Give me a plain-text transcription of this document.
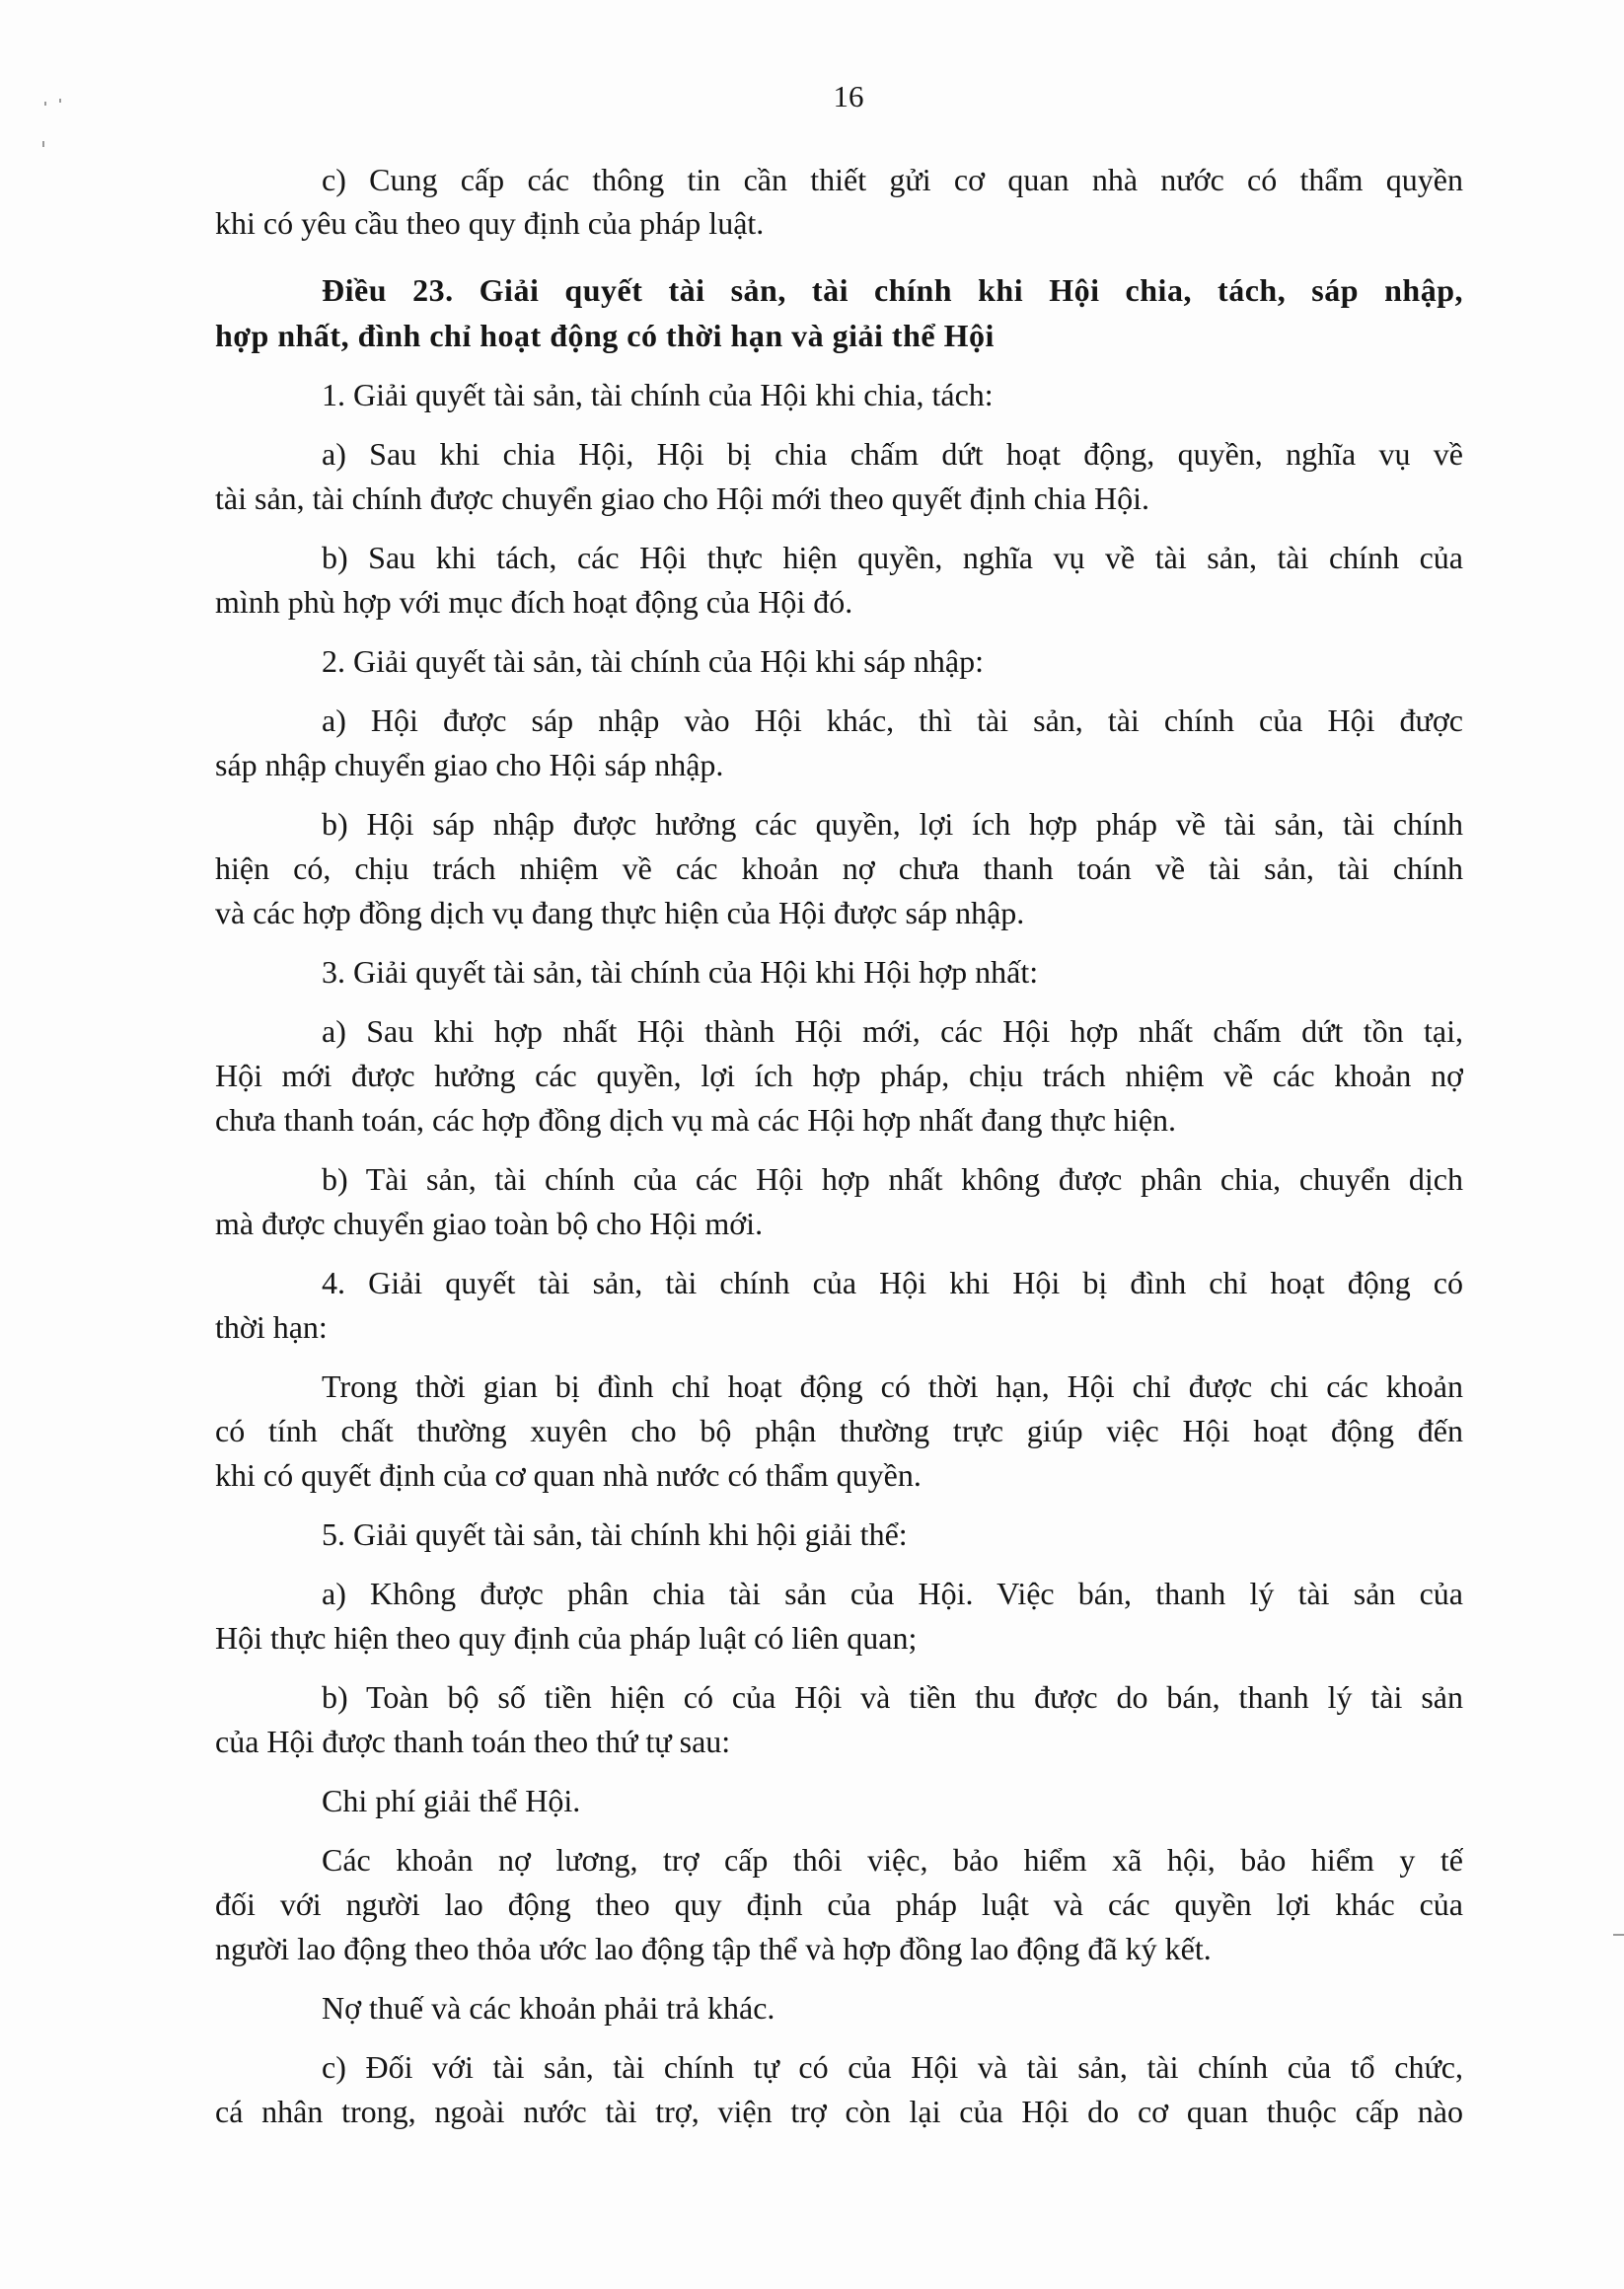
16
c) Cung cấp các thông tin cần thiết gửi cơ quan nhà nước có thẩm quyền
khi có yêu cầu theo quy định của pháp luật.
Điều 23. Giải quyết tài sản, tài chính khi Hội chia, tách, sáp nhập,
hợp nhất, đình chỉ hoạt động có thời hạn và giải thể Hội
1. Giải quyết tài sản, tài chính của Hội khi chia, tách:
a) Sau khi chia Hội, Hội bị chia chấm dứt hoạt động, quyền, nghĩa vụ về
tài sản, tài chính được chuyển giao cho Hội mới theo quyết định chia Hội.
b) Sau khi tách, các Hội thực hiện quyền, nghĩa vụ về tài sản, tài chính của
mình phù hợp với mục đích hoạt động của Hội đó.
2. Giải quyết tài sản, tài chính của Hội khi sáp nhập:
a) Hội được sáp nhập vào Hội khác, thì tài sản, tài chính của Hội được
sáp nhập chuyển giao cho Hội sáp nhập.
b) Hội sáp nhập được hưởng các quyền, lợi ích hợp pháp về tài sản, tài chính
hiện có, chịu trách nhiệm về các khoản nợ chưa thanh toán về tài sản, tài chính
và các hợp đồng dịch vụ đang thực hiện của Hội được sáp nhập.
3. Giải quyết tài sản, tài chính của Hội khi Hội hợp nhất:
a) Sau khi hợp nhất Hội thành Hội mới, các Hội hợp nhất chấm dứt tồn tại,
Hội mới được hưởng các quyền, lợi ích hợp pháp, chịu trách nhiệm về các khoản nợ
chưa thanh toán, các hợp đồng dịch vụ mà các Hội hợp nhất đang thực hiện.
b) Tài sản, tài chính của các Hội hợp nhất không được phân chia, chuyển dịch
mà được chuyển giao toàn bộ cho Hội mới.
4. Giải quyết tài sản, tài chính của Hội khi Hội bị đình chỉ hoạt động có
thời hạn:
Trong thời gian bị đình chỉ hoạt động có thời hạn, Hội chỉ được chi các khoản
có tính chất thường xuyên cho bộ phận thường trực giúp việc Hội hoạt động đến
khi có quyết định của cơ quan nhà nước có thẩm quyền.
5. Giải quyết tài sản, tài chính khi hội giải thể:
a) Không được phân chia tài sản của Hội. Việc bán, thanh lý tài sản của
Hội thực hiện theo quy định của pháp luật có liên quan;
b) Toàn bộ số tiền hiện có của Hội và tiền thu được do bán, thanh lý tài sản
của Hội được thanh toán theo thứ tự sau:
Chi phí giải thể Hội.
Các khoản nợ lương, trợ cấp thôi việc, bảo hiểm xã hội, bảo hiểm y tế
đối với người lao động theo quy định của pháp luật và các quyền lợi khác của
người lao động theo thỏa ước lao động tập thể và hợp đồng lao động đã ký kết.
Nợ thuế và các khoản phải trả khác.
c) Đối với tài sản, tài chính tự có của Hội và tài sản, tài chính của tổ chức,
cá nhân trong, ngoài nước tài trợ, viện trợ còn lại của Hội do cơ quan thuộc cấp nào
